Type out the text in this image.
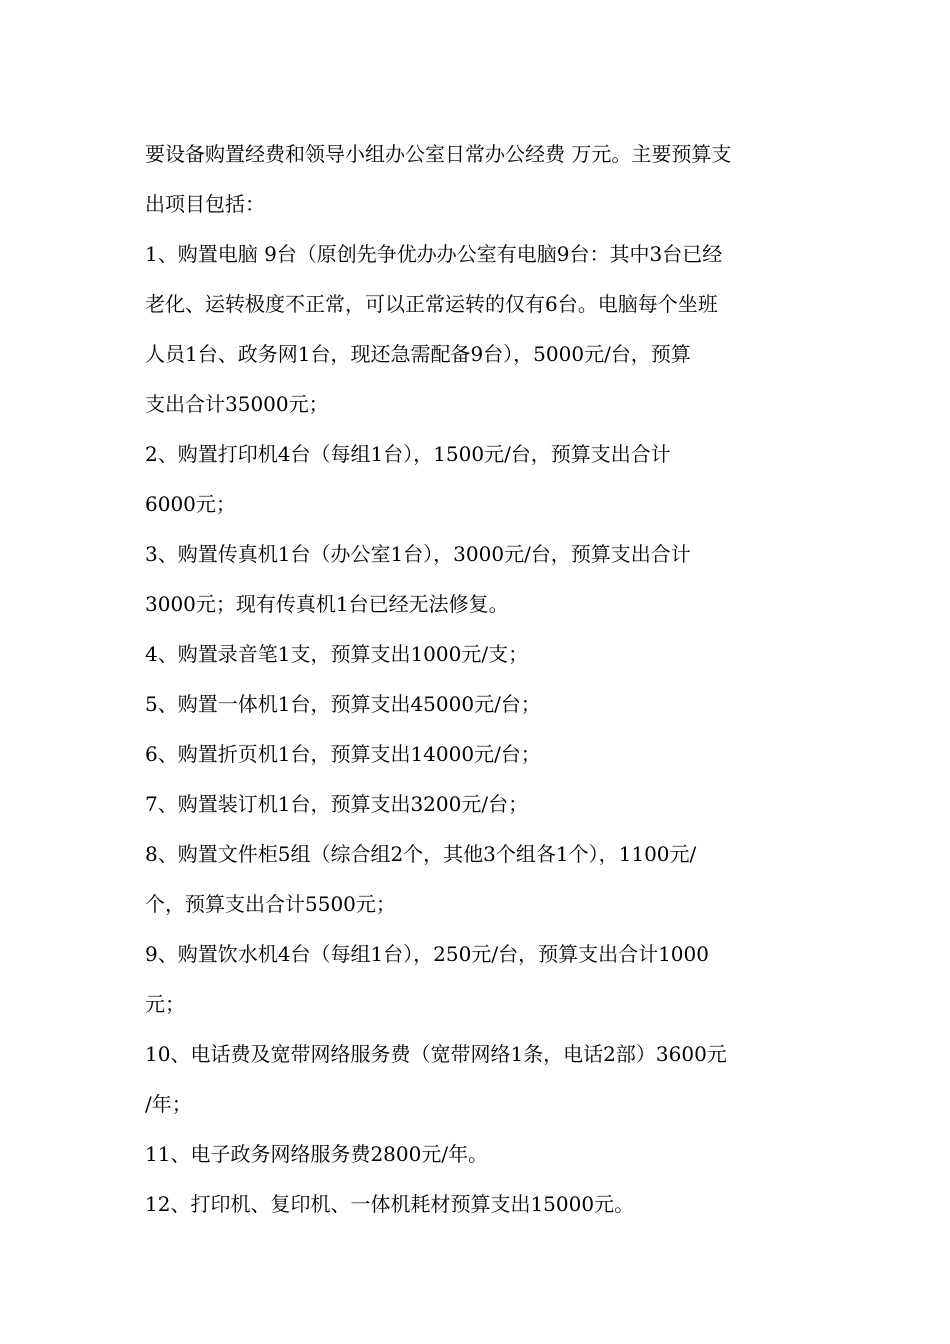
要设备购置经费和领导小组办公室日常办公经费 万元。主要预算支
出项目包括：
1、购置电脑 9台（原创先争优办办公室有电脑9台：其中3台已经
老化、运转极度不正常，可以正常运转的仅有6台。电脑每个坐班
人员1台、政务网1台，现还急需配备9台），5000元/台，预算
支出合计35000元；
2、购置打印机4台（每组1台），1500元/台，预算支出合计
6000元；
3、购置传真机1台（办公室1台），3000元/台，预算支出合计
3000元；现有传真机1台已经无法修复。
4、购置录音笔1支，预算支出1000元/支；
5、购置一体机1台，预算支出45000元/台；
6、购置折页机1台，预算支出14000元/台；
7、购置装订机1台，预算支出3200元/台；
8、购置文件柜5组（综合组2个，其他3个组各1个），1100元/
个，预算支出合计5500元；
9、购置饮水机4台（每组1台），250元/台，预算支出合计1000
元；
10、电话费及宽带网络服务费（宽带网络1条，电话2部）3600元
/年；
11、电子政务网络服务费2800元/年。
12、打印机、复印机、一体机耗材预算支出15000元。
